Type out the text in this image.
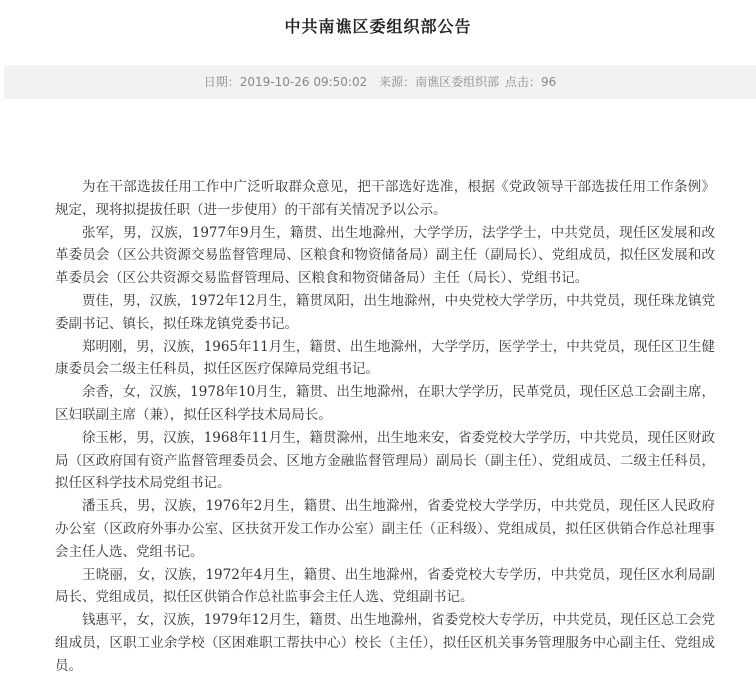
中共南谯区委组织部公告
日期：2019-10-26 09:50:02 来源：南谯区委组织部 点击：96

为在干部选拔任用工作中广泛听取群众意见，把干部选好选准，根据《党政领导干部选拔任用工作条例》规定，现将拟提拔任职（进一步使用）的干部有关情况予以公示。

张军，男，汉族，1977年9月生，籍贯、出生地滁州，大学学历，法学学士，中共党员，现任区发展和改革委员会（区公共资源交易监督管理局、区粮食和物资储备局）副主任（副局长）、党组成员，拟任区发展和改革委员会（区公共资源交易监督管理局、区粮食和物资储备局）主任（局长）、党组书记。

贾佳，男，汉族，1972年12月生，籍贯凤阳，出生地滁州，中央党校大学学历，中共党员，现任珠龙镇党委副书记、镇长，拟任珠龙镇党委书记。

郑明刚，男，汉族，1965年11月生，籍贯、出生地滁州，大学学历，医学学士，中共党员，现任区卫生健康委员会二级主任科员，拟任区医疗保障局党组书记。

余香，女，汉族，1978年10月生，籍贯、出生地滁州，在职大学学历，民革党员，现任区总工会副主席，区妇联副主席（兼），拟任区科学技术局局长。

徐玉彬，男，汉族，1968年11月生，籍贯滁州，出生地来安，省委党校大学学历，中共党员，现任区财政局（区政府国有资产监督管理委员会、区地方金融监督管理局）副局长（副主任）、党组成员、二级主任科员，拟任区科学技术局党组书记。

潘玉兵，男，汉族，1976年2月生，籍贯、出生地滁州，省委党校大学学历，中共党员，现任区人民政府办公室（区政府外事办公室、区扶贫开发工作办公室）副主任（正科级）、党组成员，拟任区供销合作总社理事会主任人选、党组书记。

王晓丽，女，汉族，1972年4月生，籍贯、出生地滁州，省委党校大专学历，中共党员，现任区水利局副局长、党组成员，拟任区供销合作总社监事会主任人选、党组副书记。

钱惠平，女，汉族，1979年12月生，籍贯、出生地滁州，省委党校大专学历，中共党员，现任区总工会党组成员，区职工业余学校（区困难职工帮扶中心）校长（主任），拟任区机关事务管理服务中心副主任、党组成员。
